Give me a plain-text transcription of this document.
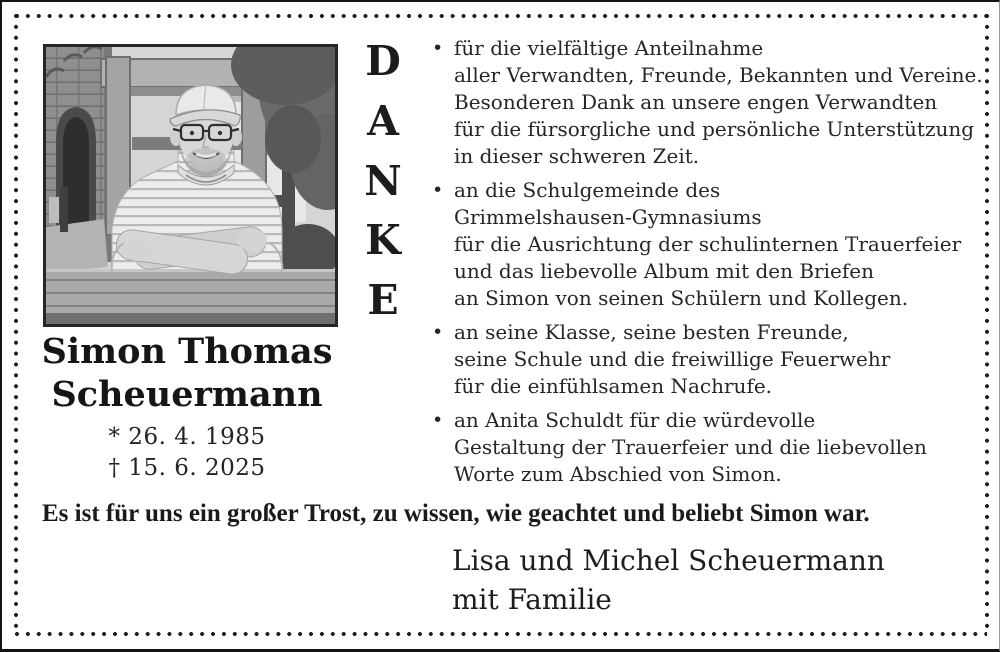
D
A
N
K
E
• für die vielfältige Anteilnahme
aller Verwandten, Freunde, Bekannten und Vereine.
Besonderen Dank an unsere engen Verwandten
für die fürsorgliche und persönliche Unterstützung
in dieser schweren Zeit.
• an die Schulgemeinde des
Grimmelshausen-Gymnasiums
für die Ausrichtung der schulinternen Trauerfeier
und das liebevolle Album mit den Briefen
an Simon von seinen Schülern und Kollegen.
• an seine Klasse, seine besten Freunde,
seine Schule und die freiwillige Feuerwehr
für die einfühlsamen Nachrufe.
• an Anita Schuldt für die würdevolle
Gestaltung der Trauerfeier und die liebevollen
Worte zum Abschied von Simon.
Simon Thomas
Scheuermann
* 26. 4. 1985
† 15. 6. 2025
Es ist für uns ein großer Trost, zu wissen, wie geachtet und beliebt Simon war.
Lisa und Michel Scheuermann
mit Familie
